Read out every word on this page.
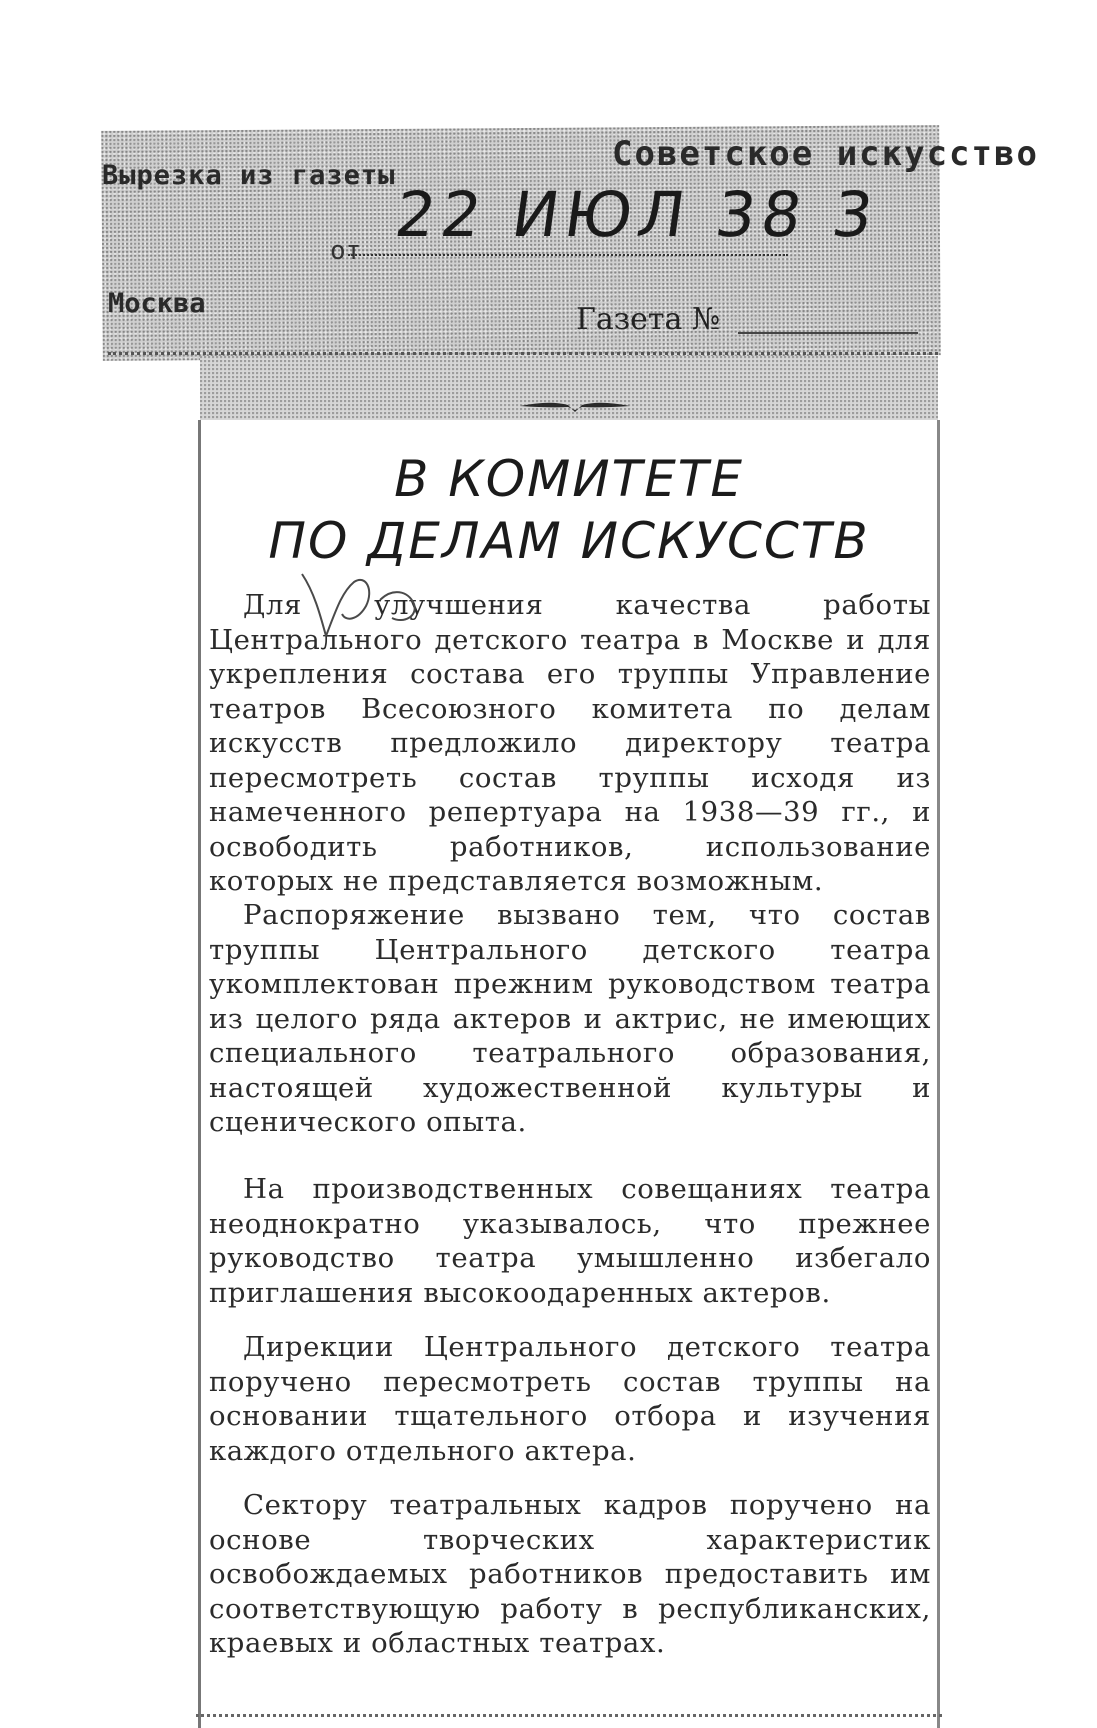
Вырезка из газеты
Советское искусство
Москва
от 22 ИЮЛ 38 3
Газета №
В КОМИТЕТЕ
ПО ДЕЛАМ ИСКУССТВ

Для улучшения качества работы Центрального детского театра в Москве и для укрепления состава его труппы Управление театров Всесоюзного комитета по делам искусств предложило директору театра пересмотреть состав труппы исходя из намеченного репертуара на 1938—39 гг., и освободить работников, использование которых не представляется возможным.

Распоряжение вызвано тем, что состав труппы Центрального детского театра укомплектован прежним руководством театра из целого ряда актеров и актрис, не имеющих специального театрального образования, настоящей художественной культуры и сценического опыта.

На производственных совещаниях театра неоднократно указывалось, что прежнее руководство театра умышленно избегало приглашения высокоодаренных актеров.

Дирекции Центрального детского театра поручено пересмотреть состав труппы на основании тщательного отбора и изучения каждого отдельного актера.

Сектору театральных кадров поручено на основе творческих характеристик освобождаемых работников предоставить им соответствующую работу в республиканских, краевых и областных театрах.
